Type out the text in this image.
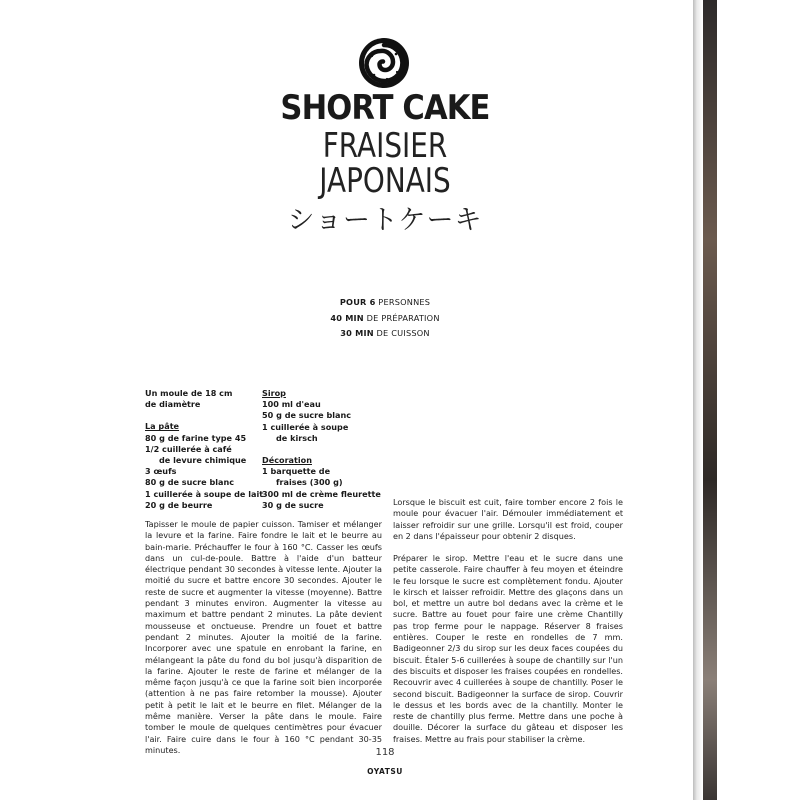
SHORT CAKE
FRAISIER
JAPONAIS
ショートケーキ
POUR 6 PERSONNES
40 MIN DE PRÉPARATION
30 MIN DE CUISSON
Un moule de 18 cm
de diamètre
La pâte
80 g de farine type 45
1/2 cuillerée à café
de levure chimique
3 œufs
80 g de sucre blanc
1 cuillerée à soupe de lait
20 g de beurre
Sirop
100 ml d'eau
50 g de sucre blanc
1 cuillerée à soupe
de kirsch
Décoration
1 barquette de
fraises (300 g)
300 ml de crème fleurette
30 g de sucre
Tapisser le moule de papier cuisson. Tamiser et mélanger la levure et la farine. Faire fondre le lait et le beurre au bain-marie. Préchauffer le four à 160 °C. Casser les œufs dans un cul-de-poule. Battre à l'aide d'un batteur électrique pendant 30 secondes à vitesse lente. Ajouter la moitié du sucre et battre encore 30 secondes. Ajouter le reste de sucre et augmenter la vitesse (moyenne). Battre pendant 3 minutes environ. Augmenter la vitesse au maximum et battre pendant 2 minutes. La pâte devient mousseuse et onctueuse. Prendre un fouet et battre pendant 2 minutes. Ajouter la moitié de la farine. Incorporer avec une spatule en enrobant la farine, en mélangeant la pâte du fond du bol jusqu'à disparition de la farine. Ajouter le reste de farine et mélanger de la même façon jusqu'à ce que la farine soit bien incorporée (attention à ne pas faire retomber la mousse). Ajouter petit à petit le lait et le beurre en filet. Mélanger de la même manière. Verser la pâte dans le moule. Faire tomber le moule de quelques centimètres pour évacuer l'air. Faire cuire dans le four à 160 °C pendant 30-35 minutes.
Lorsque le biscuit est cuit, faire tomber encore 2 fois le moule pour évacuer l'air. Démouler immédiatement et laisser refroidir sur une grille. Lorsqu'il est froid, couper en 2 dans l'épaisseur pour obtenir 2 disques.
Préparer le sirop. Mettre l'eau et le sucre dans une petite casserole. Faire chauffer à feu moyen et éteindre le feu lorsque le sucre est complètement fondu. Ajouter le kirsch et laisser refroidir. Mettre des glaçons dans un bol, et mettre un autre bol dedans avec la crème et le sucre. Battre au fouet pour faire une crème Chantilly pas trop ferme pour le nappage. Réserver 8 fraises entières. Couper le reste en rondelles de 7 mm. Badigeonner 2/3 du sirop sur les deux faces coupées du biscuit. Étaler 5-6 cuillerées à soupe de chantilly sur l'un des biscuits et disposer les fraises coupées en rondelles. Recouvrir avec 4 cuillerées à soupe de chantilly. Poser le second biscuit. Badigeonner la surface de sirop. Couvrir le dessus et les bords avec de la chantilly. Monter le reste de chantilly plus ferme. Mettre dans une poche à douille. Décorer la surface du gâteau et disposer les fraises. Mettre au frais pour stabiliser la crème.
118
OYATSU
